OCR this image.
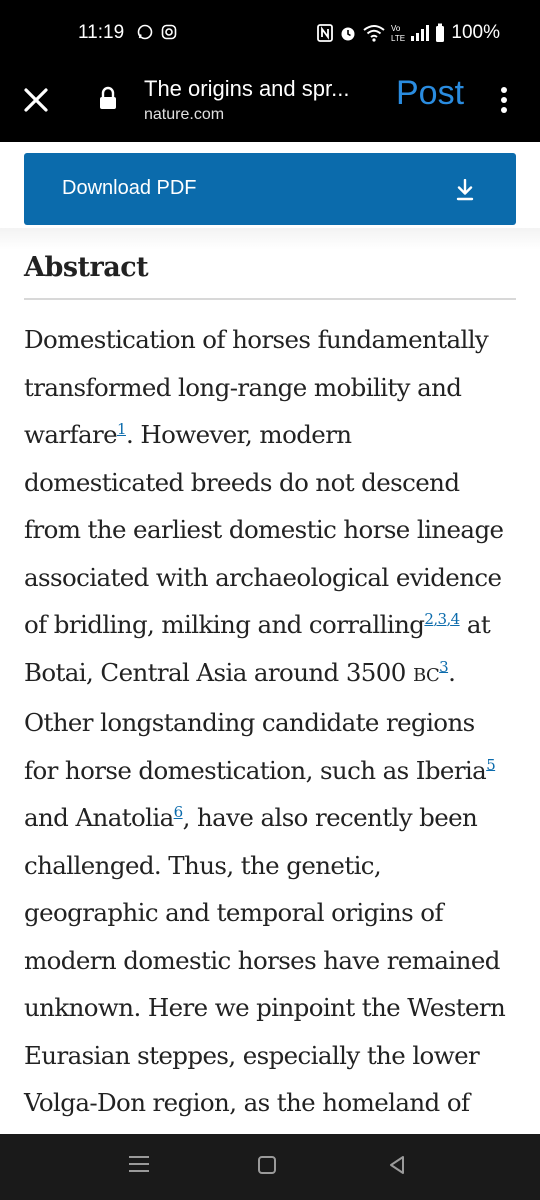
11:19	Vo
LTE 100%
The origins and spr...
nature.com
Post
Download PDF
Abstract
Domestication of horses fundamentally
transformed long-range mobility and
warfare$^1$. However, modern
domesticated breeds do not descend
from the earliest domestic horse lineage
associated with archaeological evidence
of bridling, milking and corralling$^{2,3,4}$ at
Botai, Central Asia around 3500 BC$^3$.
Other longstanding candidate regions
for horse domestication, such as Iberia$^5$
and Anatolia$^6$, have also recently been
challenged. Thus, the genetic,
geographic and temporal origins of
modern domestic horses have remained
unknown. Here we pinpoint the Western
Eurasian steppes, especially the lower
Volga-Don region, as the homeland of
